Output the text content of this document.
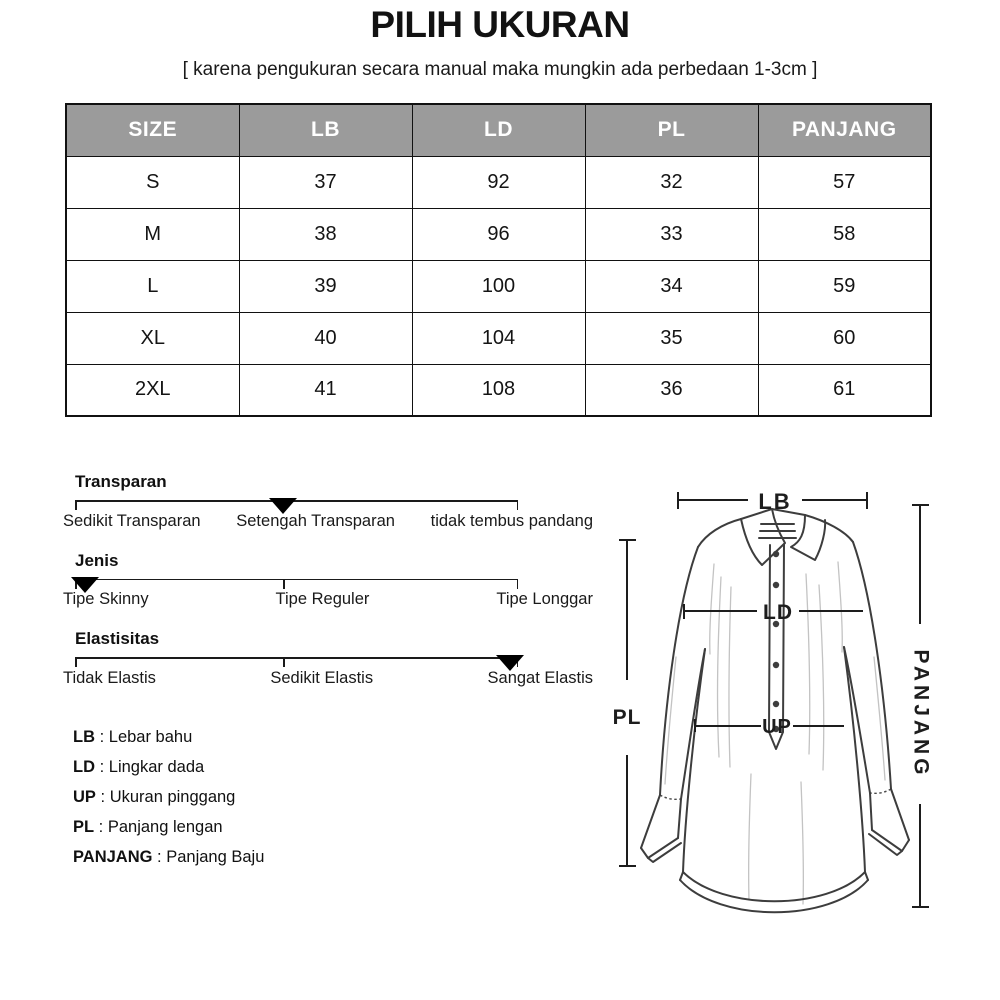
PILIH UKURAN
[ karena pengukuran secara manual maka mungkin ada perbedaan 1-3cm ]
SIZE	LB	LD	PL	PANJANG
S	37	92	32	57
M	38	96	33	58
L	39	100	34	59
XL	40	104	35	60
2XL	41	108	36	61
Transparan
Sedikit Transparan Setengah Transparan tidak tembus pandang
Jenis
Tipe Skinny	Tipe Reguler	Tipe Longgar
Elastisitas
Tidak Elastis	Sedikit Elastis	Sangat Elastis
LB : Lebar bahu
LD : Lingkar dada
UP : Ukuran pinggang
PL : Panjang lengan
PANJANG : Panjang Baju
LB
LD
UP
PL	PANJANG
